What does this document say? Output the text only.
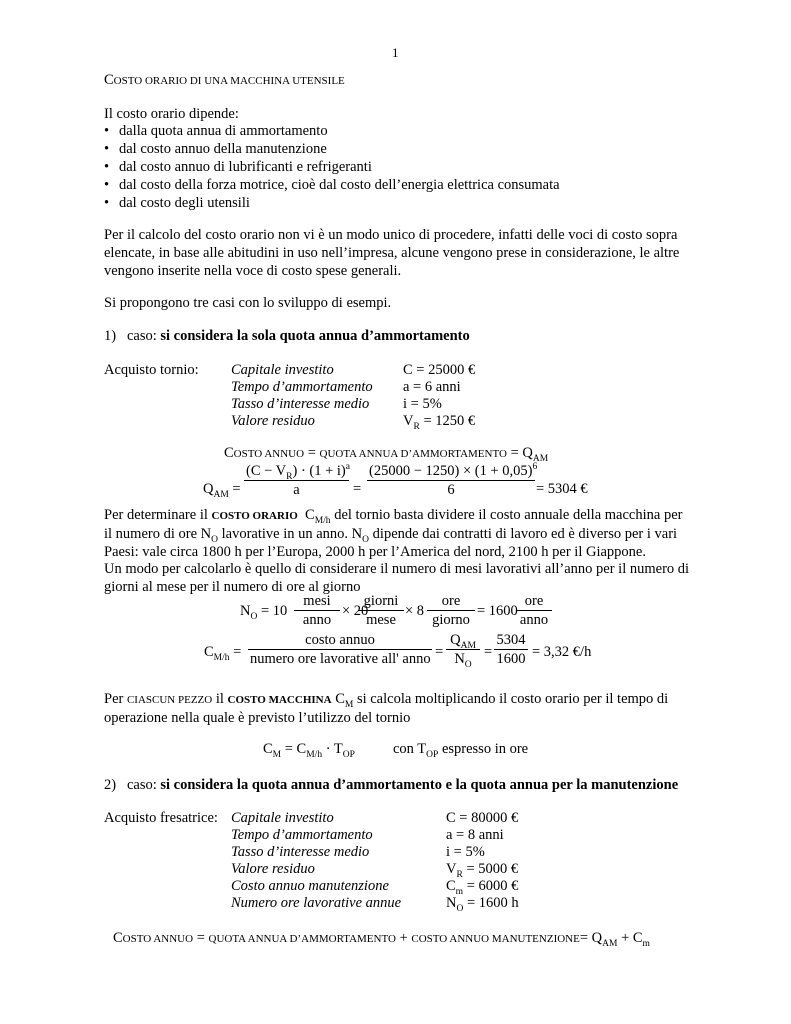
1
COSTO ORARIO DI UNA MACCHINA UTENSILE
Il costo orario dipende:
• dalla quota annua di ammortamento
• dal costo annuo della manutenzione
• dal costo annuo di lubrificanti e refrigeranti
• dal costo della forza motrice, cioè dal costo dell’energia elettrica consumata
• dal costo degli utensili
Per il calcolo del costo orario non vi è un modo unico di procedere, infatti delle voci di costo sopra elencate, in base alle abitudini in uso nell’impresa, alcune vengono prese in considerazione, le altre vengono inserite nella voce di costo spese generali.
Si propongono tre casi con lo sviluppo di esempi.
1) caso: si considera la sola quota annua d’ammortamento
Acquisto tornio: Capitale investito	C = 25000 €
Tempo d’ammortamento a = 6 anni
Tasso d’interesse medio i = 5%
Valore residuo	$V_R = 1250$ €
COSTO ANNUO = QUOTA ANNUA D’AMMORTAMENTO = $Q_{AM}$
$Q_{AM}$ =
$(C - V_R) \cdot (1 + i)^a$
a	=
$(25000 - 1250) \times (1 + 0,05)^6$
6	= 5304 €
Per determinare il COSTO ORARIO $C_{M/h}$ del tornio basta dividere il costo annuale della macchina per il numero di ore $N_O$ lavorative in un anno. $N_O$ dipende dai contratti di lavoro ed è diverso per i vari Paesi: vale circa 1800 h per l’Europa, 2000 h per l’America del nord, 2100 h per il Giappone.
Un modo per calcolarlo è quello di considerare il numero di mesi lavorativi all’anno per il numero di giorni al mese per il numero di ore al giorno
$N_O = 10$
mesi
anno
× 20
giorni
mese
× 8
ore
giorno
= 1600
ore
anno
$C_{M/h}$ =
costo annuo
numero ore lavorative all' anno =
$Q_{AM}$
$N_O$
=
5304
1600 = 3,32 €/h
Per CIASCUN PEZZO il COSTO MACCHINA $C_M$ si calcola moltiplicando il costo orario per il tempo di operazione nella quale è previsto l’utilizzo del tornio
$C_M = C_{M/h} \cdot T_{OP}$	con $T_{OP}$ espresso in ore
2) caso: si considera la quota annua d’ammortamento e la quota annua per la manutenzione
Acquisto fresatrice: Capitale investito	C = 80000 €
Tempo d’ammortamento	a = 8 anni
Tasso d’interesse medio	i = 5%
Valore residuo	$V_R = 5000$ €
Costo annuo manutenzione	$C_m = 6000$ €
Numero ore lavorative annue	$N_O = 1600$ h
COSTO ANNUO = QUOTA ANNUA D’AMMORTAMENTO + COSTO ANNUO MANUTENZIONE= $Q_{AM} + C_m$
